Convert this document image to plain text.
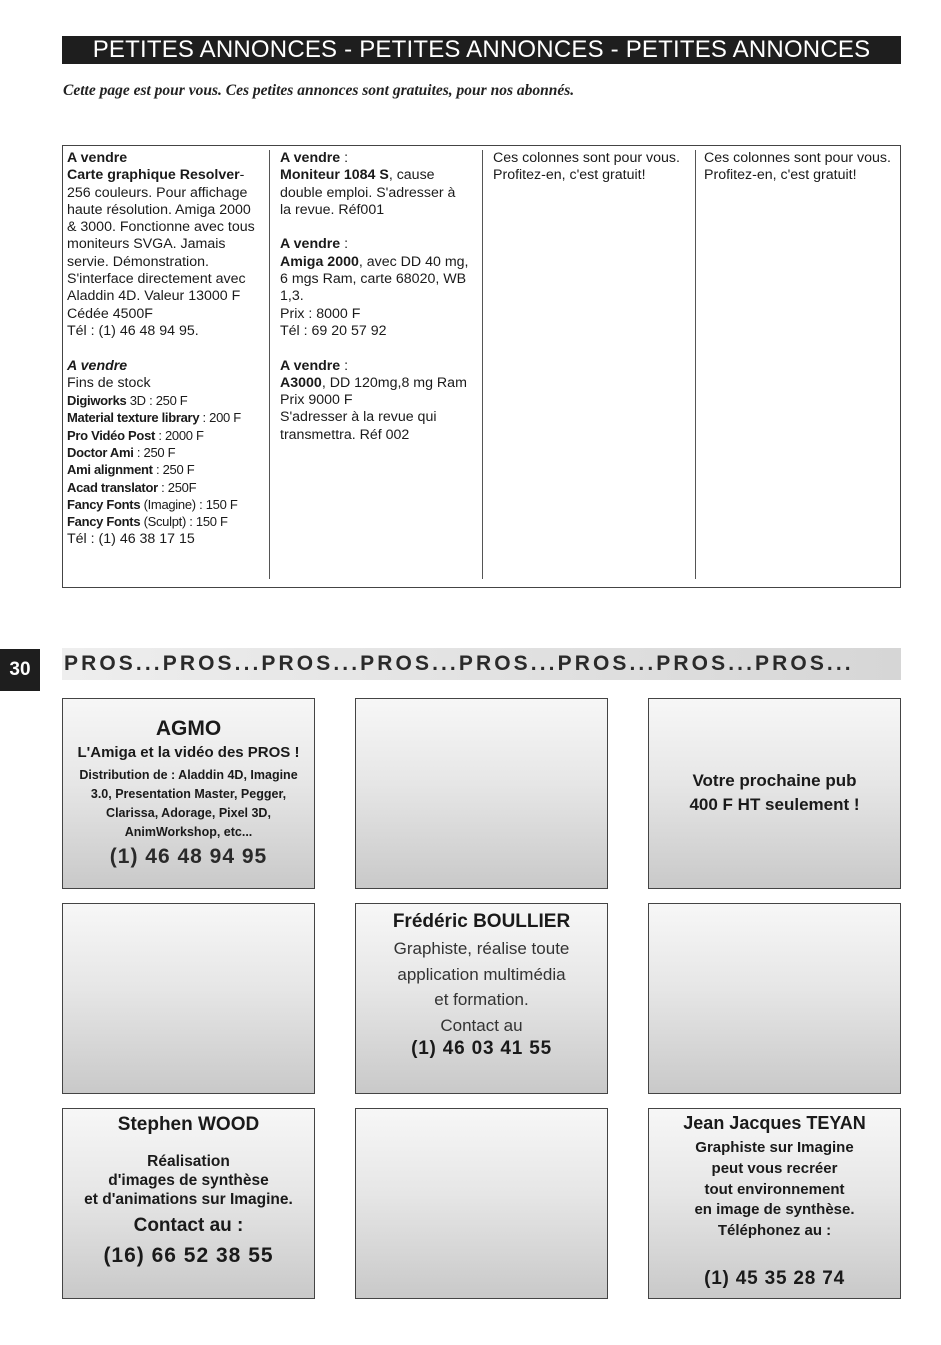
PETITES ANNONCES - PETITES ANNONCES - PETITES ANNONCES
Cette page est pour vous. Ces petites annonces sont gratuites, pour nos abonnés.
A vendre
Carte graphique Resolver-
256 couleurs. Pour affichage
haute résolution. Amiga 2000
& 3000. Fonctionne avec tous
moniteurs SVGA. Jamais
servie. Démonstration.
S'interface directement avec
Aladdin 4D. Valeur 13000 F
Cédée 4500F
Tél : (1) 46 48 94 95.
A vendre
Fins de stock
Digiworks 3D : 250 F
Material texture library : 200 F
Pro Vidéo Post : 2000 F
Doctor Ami : 250 F
Ami alignment : 250 F
Acad translator : 250F
Fancy Fonts (Imagine) : 150 F
Fancy Fonts (Sculpt) : 150 F
Tél : (1) 46 38 17 15
A vendre :
Moniteur 1084 S, cause
double emploi. S'adresser à
la revue. Réf001
A vendre :
Amiga 2000, avec DD 40 mg,
6 mgs Ram, carte 68020, WB
1,3.
Prix : 8000 F
Tél : 69 20 57 92
A vendre :
A3000, DD 120mg,8 mg Ram
Prix 9000 F
S'adresser à la revue qui
transmettra. Réf 002
Ces colonnes sont pour vous.
Profitez-en, c'est gratuit!
Ces colonnes sont pour vous.
Profitez-en, c'est gratuit!
30	PROS...PROS...PROS...PROS...PROS...PROS...PROS...PROS...
AGMO
L'Amiga et la vidéo des PROS !
Distribution de : Aladdin 4D, Imagine
3.0, Presentation Master, Pegger,
Clarissa, Adorage, Pixel 3D,
AnimWorkshop, etc...
(1) 46 48 94 95
Votre prochaine pub
400 F HT seulement !
Frédéric BOULLIER
Graphiste, réalise toute
application multimédia
et formation.
Contact au
(1) 46 03 41 55
Stephen WOOD
Réalisation
d'images de synthèse
et d'animations sur Imagine.
Contact au :
(16) 66 52 38 55
Jean Jacques TEYAN
Graphiste sur Imagine
peut vous recréer
tout environnement
en image de synthèse.
Téléphonez au :
(1) 45 35 28 74
